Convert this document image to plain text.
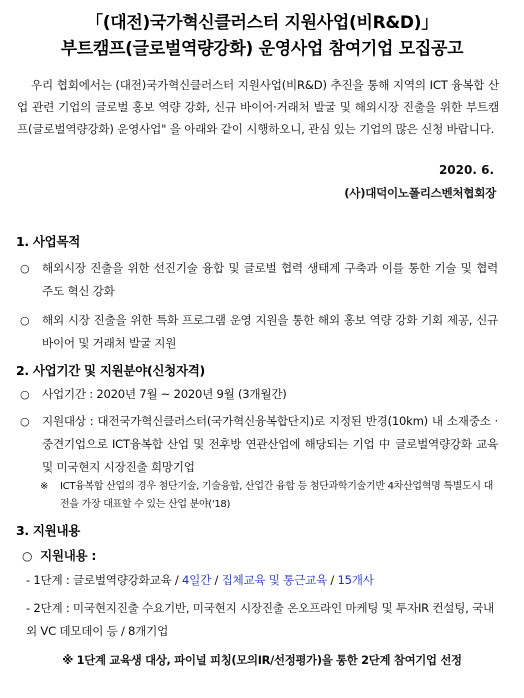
「(대전)국가혁신클러스터 지원사업(비R&D)」
부트캠프(글로벌역량강화) 운영사업 참여기업 모집공고
우리 협회에서는 (대전)국가혁신클러스터 지원사업(비R&D) 추진을 통해 지역의 ICT 융복합 산업 관련 기업의 글로벌 홍보 역량 강화, 신규 바이어·거래처 발굴 및 해외시장 진출을 위한 부트캠프(글로벌역량강화) 운영사업" 을 아래와 같이 시행하오니, 관심 있는 기업의 많은 신청 바랍니다.
2020. 6.
(사)대덕이노폴리스벤처협회장
1. 사업목적
○ 해외시장 진출을 위한 선진기술 융합 및 글로벌 협력 생태계 구축과 이를 통한 기술 및 협력 주도 혁신 강화
○ 해외 시장 진출을 위한 특화 프로그램 운영 지원을 통한 해외 홍보 역량 강화 기회 제공, 신규 바이어 및 거래처 발굴 지원
2. 사업기간 및 지원분야(신청자격)
○ 사업기간 : 2020년 7월 ~ 2020년 9월 (3개월간)
○ 지원대상 : 대전국가혁신클러스터(국가혁신융복합단지)로 지정된 반경(10km) 내 소재중소 · 중견기업으로 ICT융복합 산업 및 전후방 연관산업에 해당되는 기업 中 글로벌역량강화 교육 및 미국현지 시장진출 희망기업
※ ICT융복합 산업의 경우 첨단기술, 기술융합, 산업간 융합 등 첨단과학기술기반 4차산업혁명 특별도시 대전을 가장 대표할 수 있는 산업 분야('18)
3. 지원내용
○ 지원내용 :
- 1단계 : 글로벌역량강화교육 / 4일간 / 집체교육 및 통근교육 / 15개사
- 2단계 : 미국현지진출 수요기반, 미국현지 시장진출 온오프라인 마케팅 및 투자IR 컨설팅, 국내외 VC 데모데이 등 / 8개기업
※ 1단계 교육생 대상, 파이널 피칭(모의IR/선정평가)을 통한 2단계 참여기업 선정
